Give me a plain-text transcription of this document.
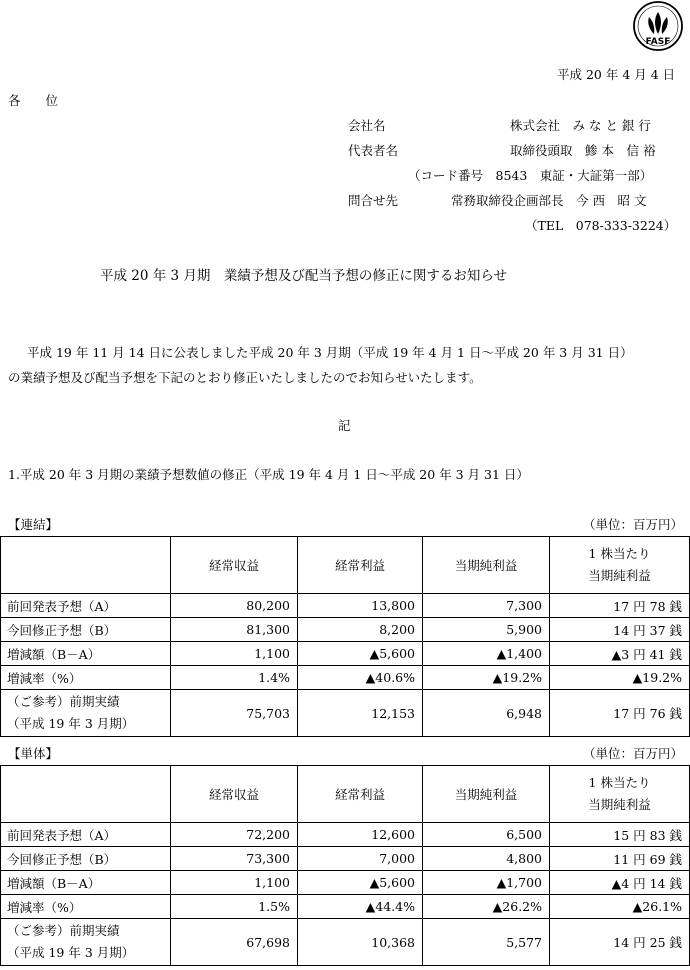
FASF
平成 20 年 4 月 4 日
各　　位
会社名	株式会社　み な と 銀 行
代表者名	取締役頭取　鯵 本　信 裕
（コード番号　8543　東証・大証第一部）
問合せ先	常務取締役企画部長　今 西　昭 文
（TEL　078-333-3224）
平成 20 年 3 月期　業績予想及び配当予想の修正に関するお知らせ
平成 19 年 11 月 14 日に公表しました平成 20 年 3 月期（平成 19 年 4 月 1 日～平成 20 年 3 月 31 日）
の業績予想及び配当予想を下記のとおり修正いたしましたのでお知らせいたします。
記
1.平成 20 年 3 月期の業績予想数値の修正（平成 19 年 4 月 1 日～平成 20 年 3 月 31 日）
【連結】	（単位：百万円）
	経常収益	経常利益	当期純利益	1 株当たり
当期純利益
前回発表予想（A）	80,200	13,800	7,300	17 円 78 銭
今回修正予想（B）	81,300	8,200	5,900	14 円 37 銭
増減額（B－A）	1,100	▲5,600	▲1,400	▲3 円 41 銭
増減率（%）	1.4%	▲40.6%	▲19.2%	▲19.2%
（ご参考）前期実績
（平成 19 年 3 月期）	75,703	12,153	6,948	17 円 76 銭
【単体】	（単位：百万円）
	経常収益	経常利益	当期純利益	1 株当たり
当期純利益
前回発表予想（A）	72,200	12,600	6,500	15 円 83 銭
今回修正予想（B）	73,300	7,000	4,800	11 円 69 銭
増減額（B－A）	1,100	▲5,600	▲1,700	▲4 円 14 銭
増減率（%）	1.5%	▲44.4%	▲26.2%	▲26.1%
（ご参考）前期実績
（平成 19 年 3 月期）	67,698	10,368	5,577	14 円 25 銭
